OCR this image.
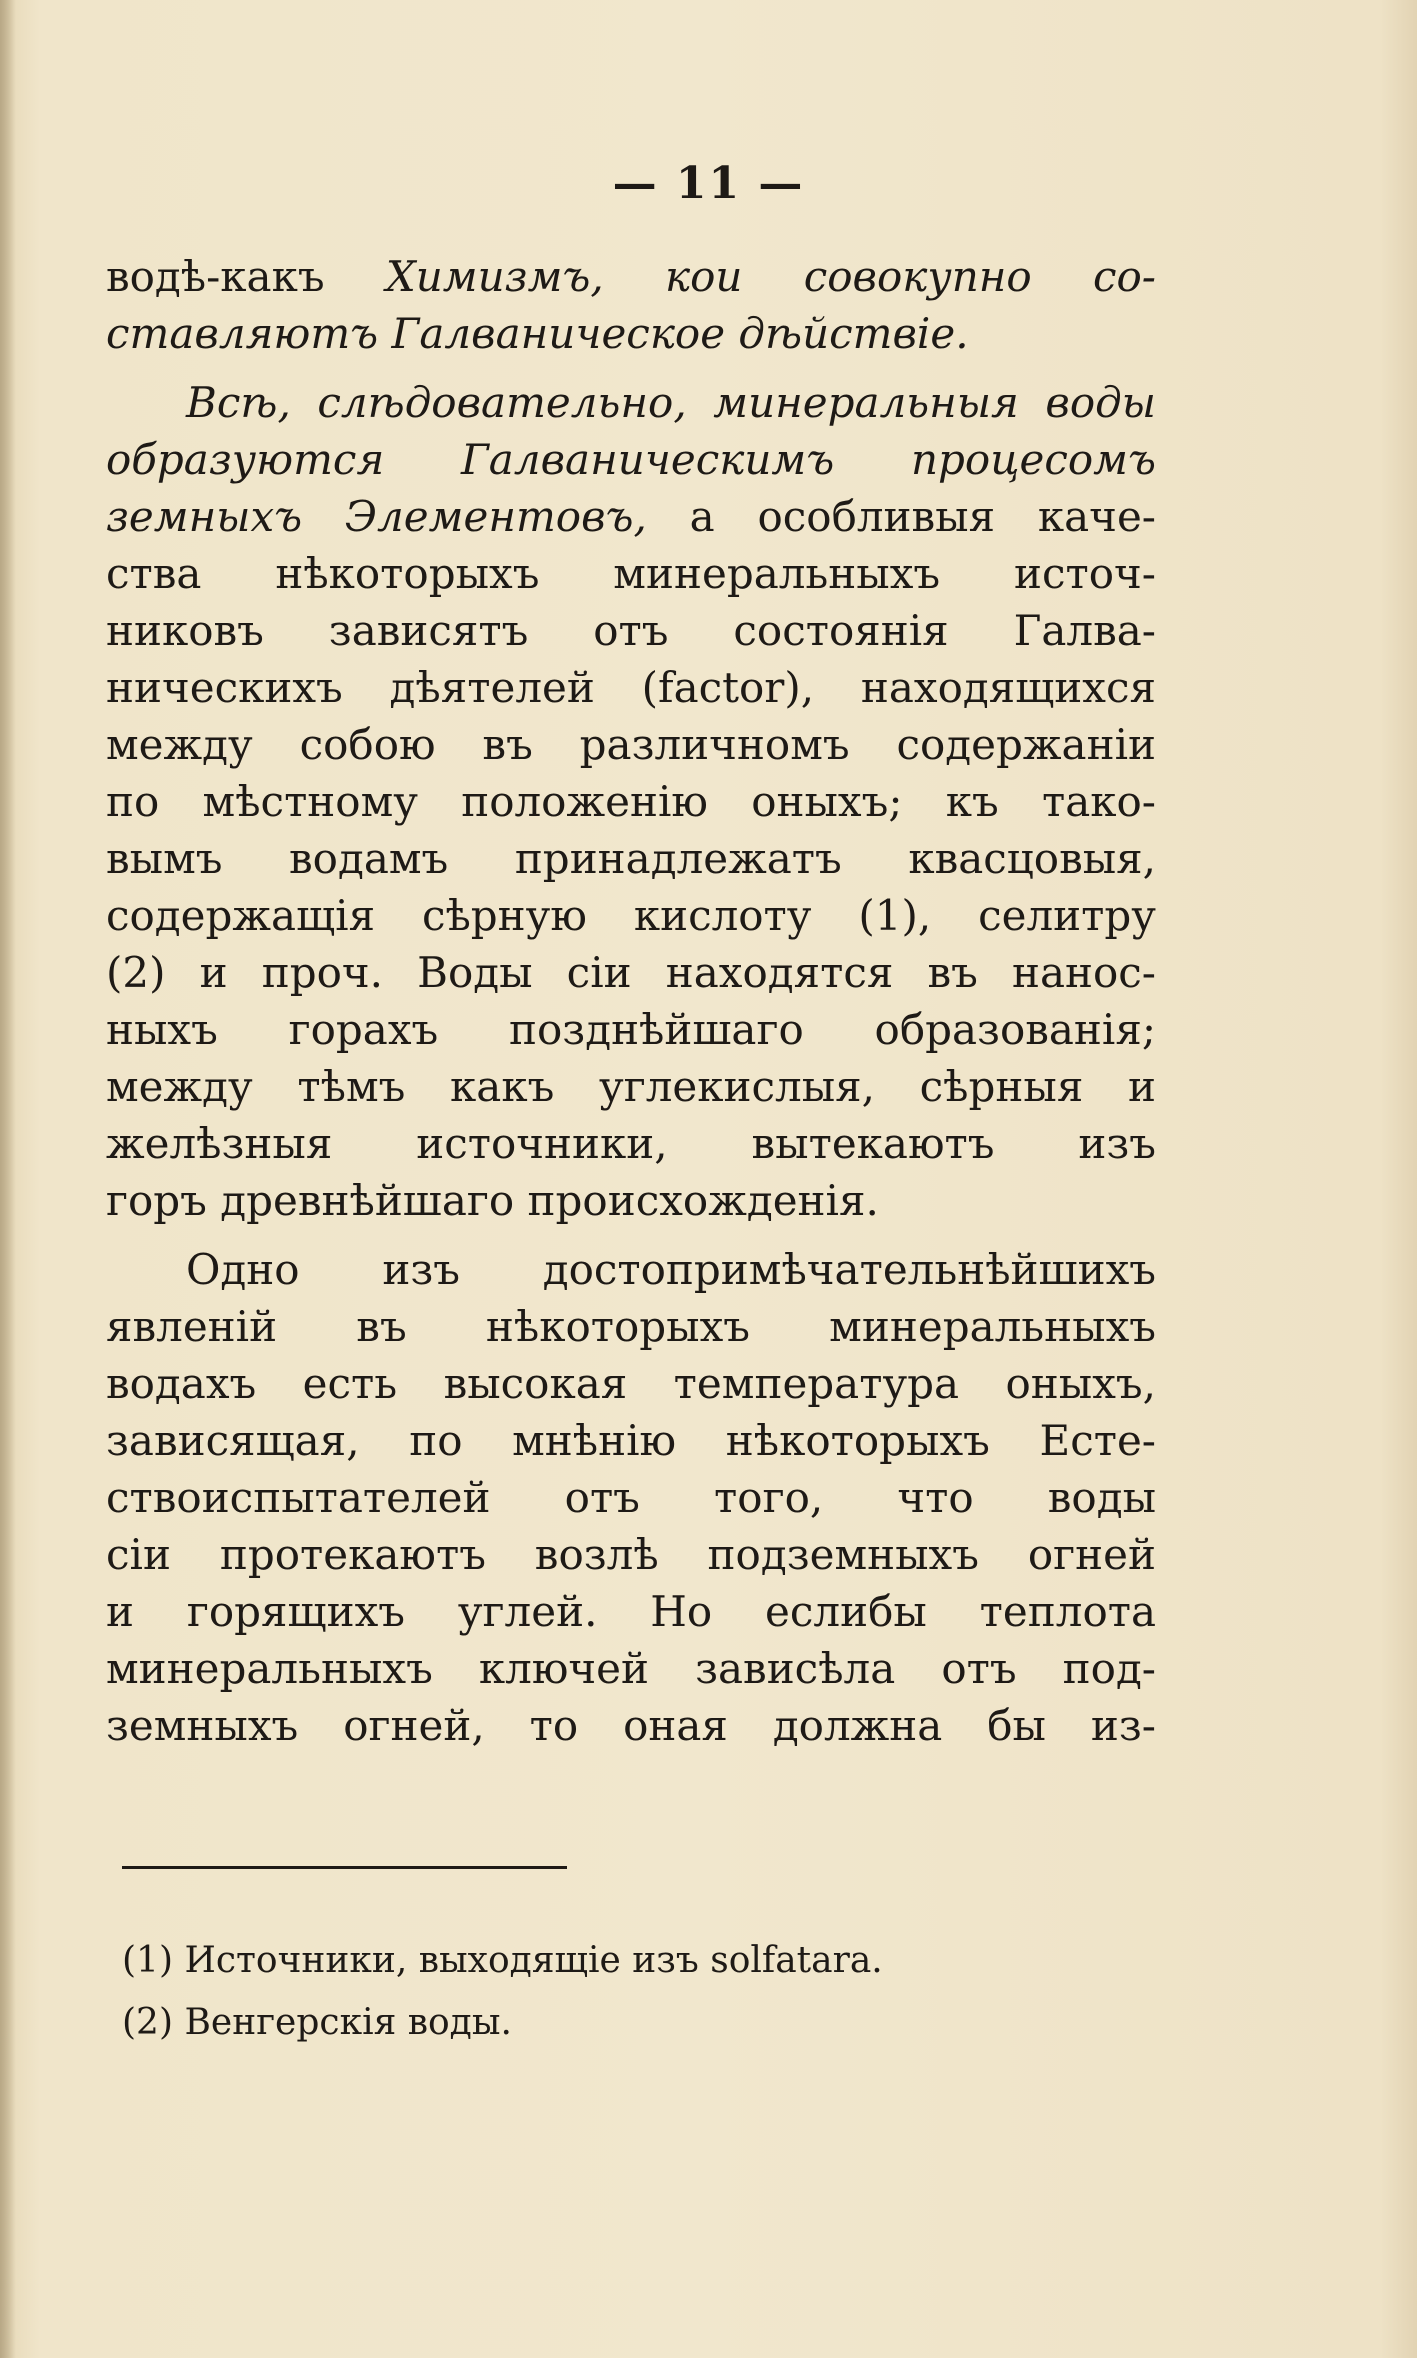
— 11 —
водѣ-какъ Химизмъ, кои совокупно со-
ставляютъ Галваническое дѣйствіе.
Всѣ, слѣдовательно, минеральныя воды
образуются Галваническимъ процесомъ
земныхъ Элементовъ, а особливыя каче-
ства нѣкоторыхъ минеральныхъ источ-
никовъ зависятъ отъ состоянія Галва-
ническихъ дѣятелей (factor), находящихся
между собою въ различномъ содержаніи
по мѣстному положенію оныхъ; къ тако-
вымъ водамъ принадлежатъ квасцовыя,
содержащія сѣрную кислоту (1), селитру
(2) и проч. Воды сіи находятся въ нанос-
ныхъ горахъ позднѣйшаго образованія;
между тѣмъ какъ углекислыя, сѣрныя и
желѣзныя источники, вытекаютъ изъ
горъ древнѣйшаго происхожденія.
Одно изъ достопримѣчательнѣйшихъ
явленій въ нѣкоторыхъ минеральныхъ
водахъ есть высокая температура оныхъ,
зависящая, по мнѣнію нѣкоторыхъ Есте-
ствоиспытателей отъ того, что воды
сіи протекаютъ возлѣ подземныхъ огней
и горящихъ углей. Но еслибы теплота
минеральныхъ ключей зависѣла отъ под-
земныхъ огней, то оная должна бы из-
(1) Источники, выходящіе изъ solfatara.
(2) Венгерскія воды.
